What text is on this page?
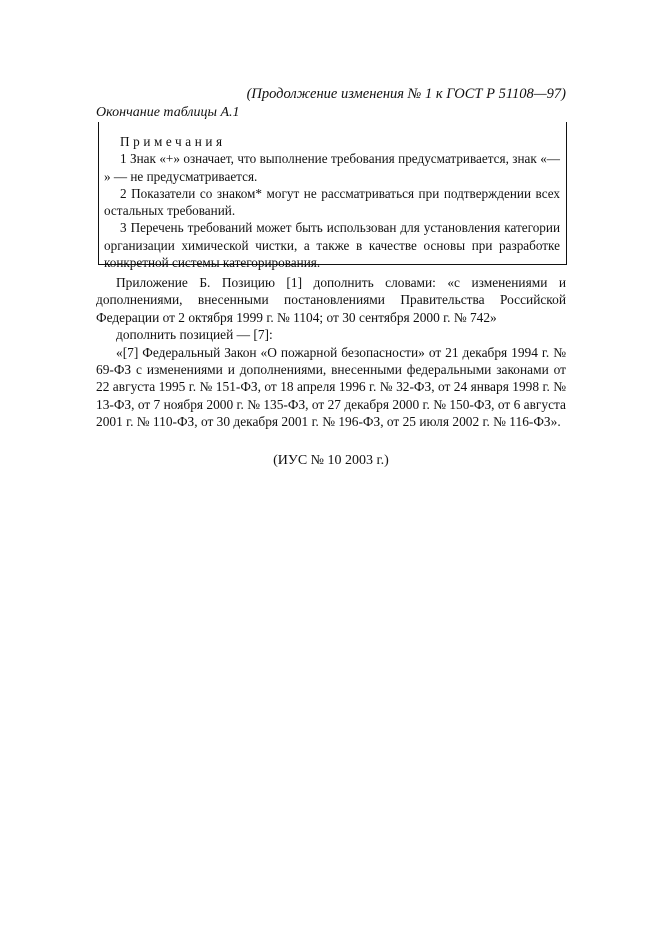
(Продолжение изменения № 1 к ГОСТ Р 51108—97)
Окончание таблицы А.1

Примечания

1 Знак «+» означает, что выполнение требования предусматривается, знак «— » — не предусматривается.

2 Показатели со знаком* могут не рассматриваться при подтверждении всех остальных требований.

3 Перечень требований может быть использован для установления категории организации химической чистки, а также в качестве основы при разработке конкретной системы категорирования.

Приложение Б. Позицию [1] дополнить словами: «с изменениями и дополнениями, внесенными постановлениями Правительства Российской Федерации от 2 октября 1999 г. № 1104; от 30 сентября 2000 г. № 742»

дополнить позицией — [7]:

«[7] Федеральный Закон «О пожарной безопасности» от 21 декабря 1994 г. № 69-ФЗ с изменениями и дополнениями, внесенными федеральными законами от 22 августа 1995 г. № 151-ФЗ, от 18 апреля 1996 г. № 32-ФЗ, от 24 января 1998 г. № 13-ФЗ, от 7 ноября 2000 г. № 135-ФЗ, от 27 декабря 2000 г. № 150-ФЗ, от 6 августа 2001 г. № 110-ФЗ, от 30 декабря 2001 г. № 196-ФЗ, от 25 июля 2002 г. № 116-ФЗ».

(ИУС № 10 2003 г.)
